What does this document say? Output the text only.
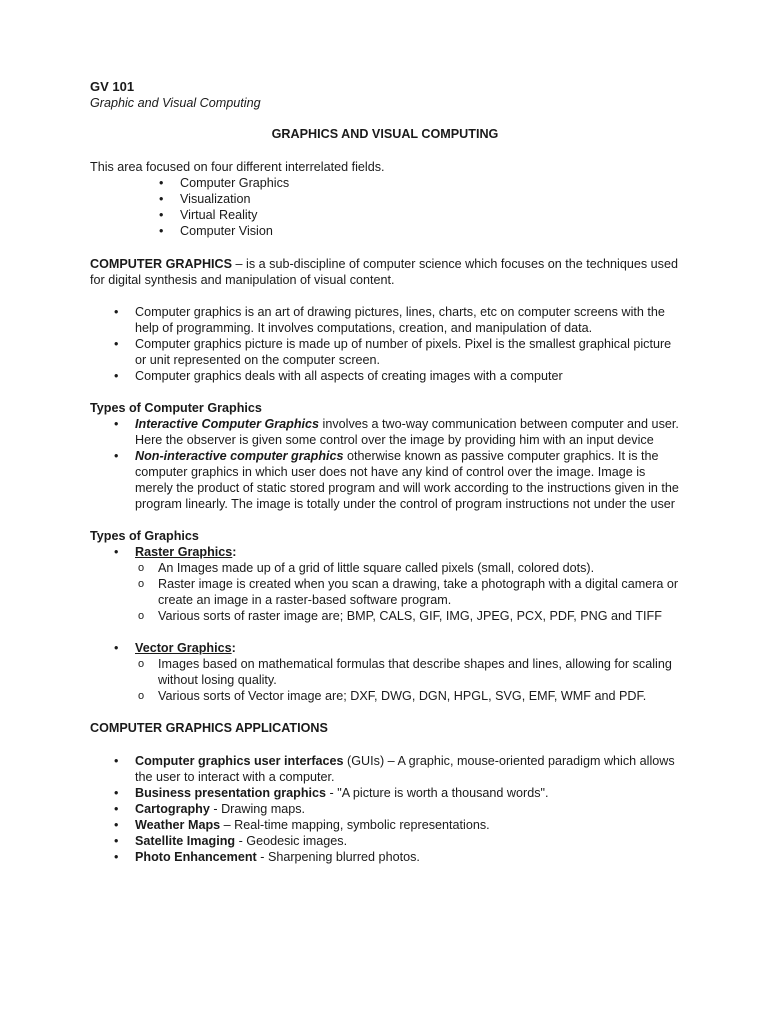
GV 101
Graphic and Visual Computing
GRAPHICS AND VISUAL COMPUTING

This area focused on four different interrelated fields.

• Computer Graphics
• Visualization
• Virtual Reality
• Computer Vision

COMPUTER GRAPHICS – is a sub-discipline of computer science which focuses on the techniques used for digital synthesis and manipulation of visual content.

• Computer graphics is an art of drawing pictures, lines, charts, etc on computer screens with the help of programming. It involves computations, creation, and manipulation of data.
• Computer graphics picture is made up of number of pixels. Pixel is the smallest graphical picture or unit represented on the computer screen.
• Computer graphics deals with all aspects of creating images with a computer

Types of Computer Graphics

• Interactive Computer Graphics involves a two-way communication between computer and user. Here the observer is given some control over the image by providing him with an input device
• Non-interactive computer graphics otherwise known as passive computer graphics. It is the computer graphics in which user does not have any kind of control over the image. Image is merely the product of static stored program and will work according to the instructions given in the program linearly. The image is totally under the control of program instructions not under the user

Types of Graphics

• Raster Graphics:
o An Images made up of a grid of little square called pixels (small, colored dots).
o Raster image is created when you scan a drawing, take a photograph with a digital camera or create an image in a raster-based software program.
o Various sorts of raster image are; BMP, CALS, GIF, IMG, JPEG, PCX, PDF, PNG and TIFF
• Vector Graphics:
o Images based on mathematical formulas that describe shapes and lines, allowing for scaling without losing quality.
o Various sorts of Vector image are; DXF, DWG, DGN, HPGL, SVG, EMF, WMF and PDF.

COMPUTER GRAPHICS APPLICATIONS

• Computer graphics user interfaces (GUIs) – A graphic, mouse-oriented paradigm which allows the user to interact with a computer.
• Business presentation graphics - "A picture is worth a thousand words".
• Cartography - Drawing maps.
• Weather Maps – Real-time mapping, symbolic representations.
• Satellite Imaging - Geodesic images.
• Photo Enhancement - Sharpening blurred photos.
